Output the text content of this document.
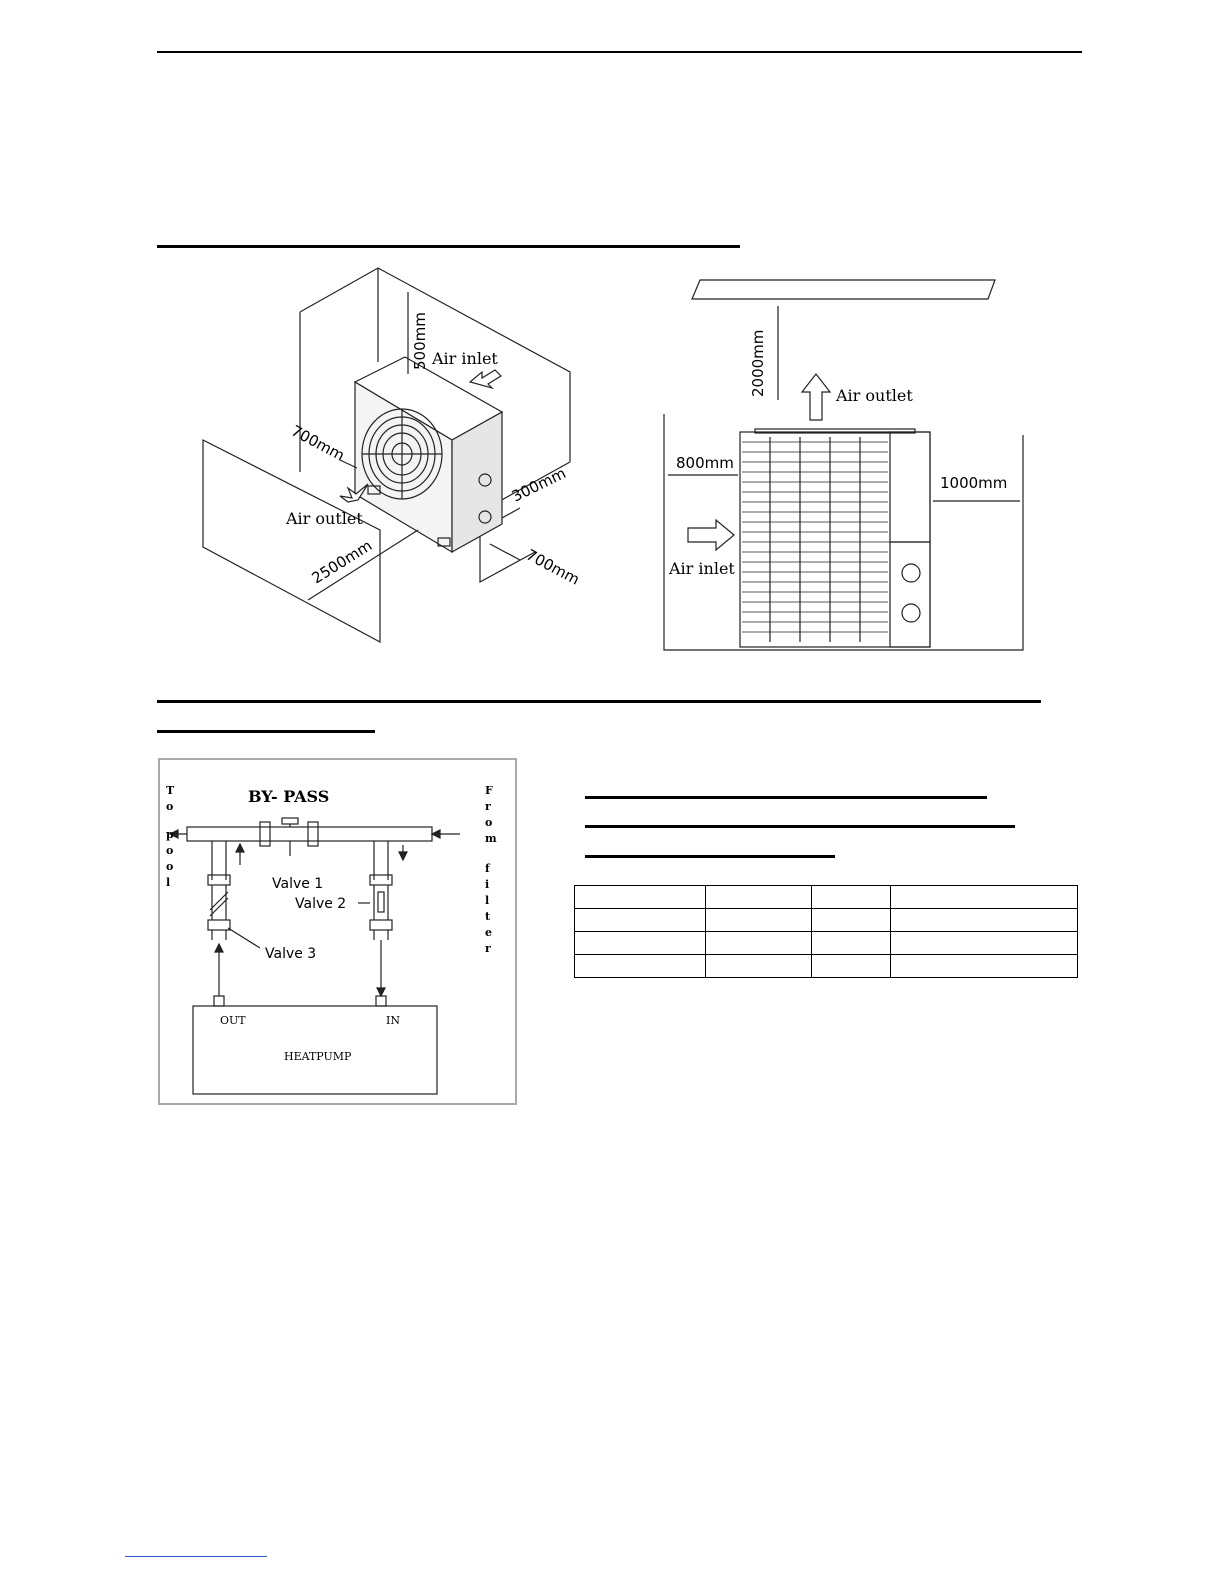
500mm Air inlet
700mm
300mm
Air outlet
2500mm	700mm
2000mm	Air outlet
800mm
1000mm
Air inlet
BY- PASS
T o p o o l
F r o m f i l t e r
Valve 1
Valve 2
Valve 3
OUT	IN
HEATPUMP
